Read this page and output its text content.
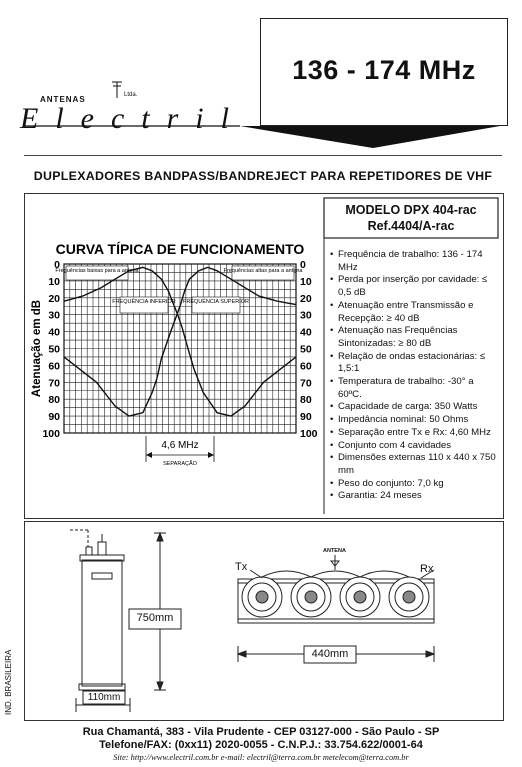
136 - 174 MHz
ANTENAS	Ltda.
Electril
DUPLEXADORES BANDPASS/BANDREJECT PARA REPETIDORES DE VHF
CURVA TÍPICA DE FUNCIONAMENTO
Atenuação em dB
0	0
10	10
20	20
30	30
40	40
50	50
60	60
70	70
80	80
90	90
100	100
Frequências baixas para a antena	Frequências altas para a antena
FREQUÊNCIA INFERIOR FREQUÊNCIA SUPERIOR
4,6 MHz
SEPARAÇÃO
MODELO DPX 404-rac
Ref.4404/A-rac
• Frequência de trabalho: 136 - 174 MHz
• Perda por inserção por cavidade: ≤ 0,5 dB
• Atenuação entre Transmissão e Recepção: ≥ 40 dB
• Atenuação nas Frequências Sintonizadas: ≥ 80 dB
• Relação de ondas estacionárias: ≤ 1,5:1
• Temperatura de trabalho: -30° a 60ºC.
• Capacidade de carga: 350 Watts
• Impedância nominal: 50 Ohms
• Separação entre Tx e Rx: 4,60 MHz
• Conjunto com 4 cavidades
• Dimensões externas 110 x 440 x 750 mm
• Peso do conjunto: 7,0 kg
• Garantia: 24 meses
750mm
110mm
440mm
Tx	Rx
ANTENA
IND. BRASILEIRA
Rua Chamantá, 383 - Vila Prudente - CEP 03127-000 - São Paulo - SP
Telefone/FAX: (0xx11) 2020-0055 - C.N.P.J.: 33.754.622/0001-64
Site: http://www.electril.com.br e-mail: electril@terra.com.br metelecom@terra.com.br
